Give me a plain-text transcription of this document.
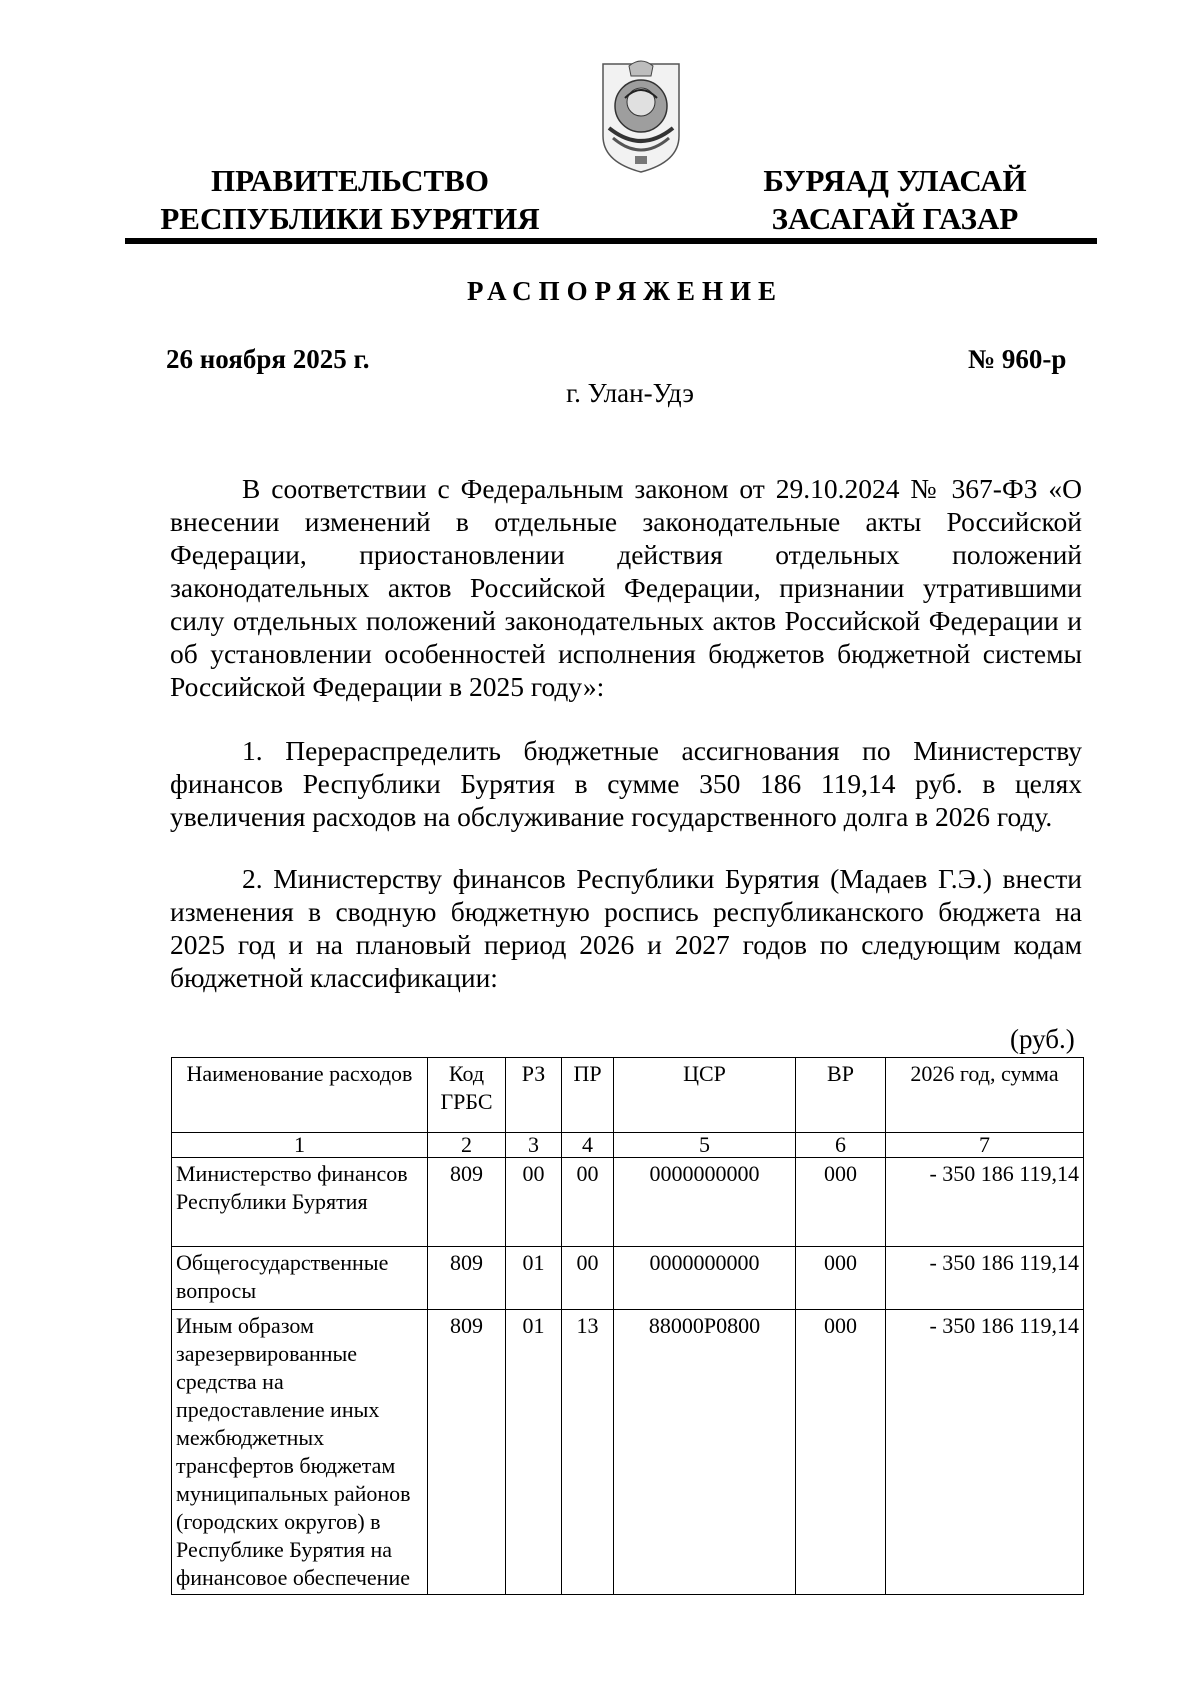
ПРАВИТЕЛЬСТВО
РЕСПУБЛИКИ БУРЯТИЯ
БУРЯАД УЛАСАЙ
ЗАСАГАЙ ГАЗАР
РАСПОРЯЖЕНИЕ
26 ноября 2025 г.	№ 960-р
г. Улан-Удэ

В соответствии с Федеральным законом от 29.10.2024 № 367-ФЗ «О внесении изменений в отдельные законодательные акты Российской Федерации, приостановлении действия отдельных положений законодательных актов Российской Федерации, признании утратившими силу отдельных положений законодательных актов Российской Федерации и об установлении особенностей исполнения бюджетов бюджетной системы Российской Федерации в 2025 году»:

1. Перераспределить бюджетные ассигнования по Министерству финансов Республики Бурятия в сумме 350 186 119,14 руб. в целях увеличения расходов на обслуживание государственного долга в 2026 году.

2. Министерству финансов Республики Бурятия (Мадаев Г.Э.) внести изменения в сводную бюджетную роспись республиканского бюджета на 2025 год и на плановый период 2026 и 2027 годов по следующим кодам бюджетной классификации:

(руб.)
Наименование расходов	Код ГРБС	РЗ	ПР	ЦСР	ВР	2026 год, сумма
1	2	3	4	5	6	7
Министерство финансов Республики Бурятия	809	00	00	0000000000	000	- 350 186 119,14
Общегосударственные вопросы	809	01	00	0000000000	000	- 350 186 119,14
Иным образом зарезервированные средства на предоставление иных межбюджетных трансфертов бюджетам муниципальных районов (городских округов) в Республике Бурятия на финансовое обеспечение	809	01	13	88000P0800	000	- 350 186 119,14
